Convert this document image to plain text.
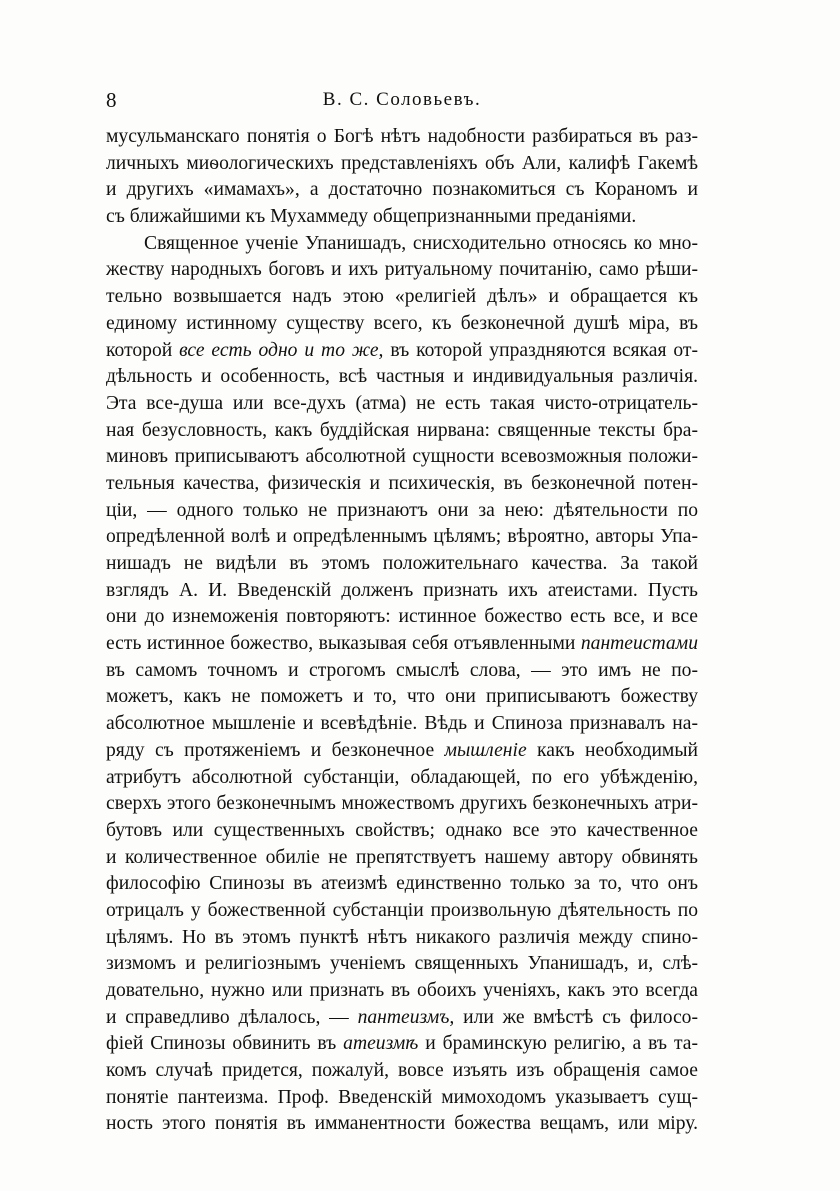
8	В. С. Соловьевъ.
мусульманскаго понятія о Богѣ нѣтъ надобности разбираться въ раз-
личныхъ миѳологическихъ представленіяхъ объ Али, калифѣ Гакемѣ
и другихъ «имамахъ», а достаточно познакомиться съ Кораномъ и
съ ближайшими къ Мухаммеду общепризнанными преданіями.
Священное ученіе Упанишадъ, снисходительно относясь ко мно-
жеству народныхъ боговъ и ихъ ритуальному почитанію, само рѣши-
тельно возвышается надъ этою «религіей дѣлъ» и обращается къ
единому истинному существу всего, къ безконечной душѣ міра, въ
которой все есть одно и то же, въ которой упраздняются всякая от-
дѣльность и особенность, всѣ частныя и индивидуальныя различія.
Эта все-душа или все-духъ (атма) не есть такая чисто-отрицатель-
ная безусловность, какъ буддійская нирвана: священные тексты бра-
миновъ приписываютъ абсолютной сущности всевозможныя положи-
тельныя качества, физическія и психическія, въ безконечной потен-
ціи, — одного только не признаютъ они за нею: дѣятельности по
опредѣленной волѣ и опредѣленнымъ цѣлямъ; вѣроятно, авторы Упа-
нишадъ не видѣли въ этомъ положительнаго качества. За такой
взглядъ А. И. Введенскій долженъ признать ихъ атеистами. Пусть
они до изнеможенія повторяютъ: истинное божество есть все, и все
есть истинное божество, выказывая себя отъявленными пантеистами
въ самомъ точномъ и строгомъ смыслѣ слова, — это имъ не по-
можетъ, какъ не поможетъ и то, что они приписываютъ божеству
абсолютное мышленіе и всевѣдѣніе. Вѣдь и Спиноза признавалъ на-
ряду съ протяженіемъ и безконечное мышленіе какъ необходимый
атрибутъ абсолютной субстанціи, обладающей, по его убѣжденію,
сверхъ этого безконечнымъ множествомъ другихъ безконечныхъ атри-
бутовъ или существенныхъ свойствъ; однако все это качественное
и количественное обиліе не препятствуетъ нашему автору обвинять
философію Спинозы въ атеизмѣ единственно только за то, что онъ
отрицалъ у божественной субстанціи произвольную дѣятельность по
цѣлямъ. Но въ этомъ пунктѣ нѣтъ никакого различія между спино-
зизмомъ и религіознымъ ученіемъ священныхъ Упанишадъ, и, слѣ-
довательно, нужно или признать въ обоихъ ученіяхъ, какъ это всегда
и справедливо дѣлалось, — пантеизмъ, или же вмѣстѣ съ филосо-
фіей Спинозы обвинить въ атеизмѣ и браминскую религію, а въ та-
комъ случаѣ придется, пожалуй, вовсе изъять изъ обращенія самое
понятіе пантеизма. Проф. Введенскій мимоходомъ указываетъ сущ-
ность этого понятія въ имманентности божества вещамъ, или міру.
